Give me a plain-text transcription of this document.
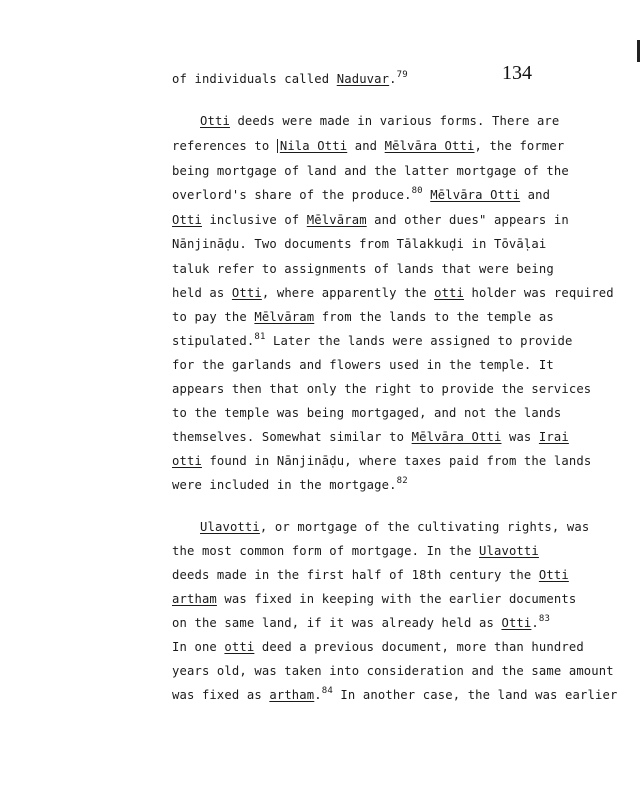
134
of individuals called Naduvar.$^{79}$
Otti deeds were made in various forms. There are
references to Nila Otti and Mēlvāra Otti, the former
being mortgage of land and the latter mortgage of the
overlord's share of the produce.$^{80}$ Mēlvāra Otti and
Otti inclusive of Mēlvāram and other dues" appears in
Nānjināḍu. Two documents from Tālakkuḍi in Tōvāḷai
taluk refer to assignments of lands that were being
held as Otti, where apparently the otti holder was required
to pay the Mēlvāram from the lands to the temple as
stipulated.$^{81}$ Later the lands were assigned to provide
for the garlands and flowers used in the temple. It
appears then that only the right to provide the services
to the temple was being mortgaged, and not the lands
themselves. Somewhat similar to Mēlvāra Otti was Irai
otti found in Nānjināḍu, where taxes paid from the lands
were included in the mortgage.$^{82}$
Ulavotti, or mortgage of the cultivating rights, was
the most common form of mortgage. In the Ulavotti
deeds made in the first half of 18th century the Otti
artham was fixed in keeping with the earlier documents
on the same land, if it was already held as Otti.$^{83}$
In one otti deed a previous document, more than hundred
years old, was taken into consideration and the same amount
was fixed as artham.$^{84}$ In another case, the land was earlier
